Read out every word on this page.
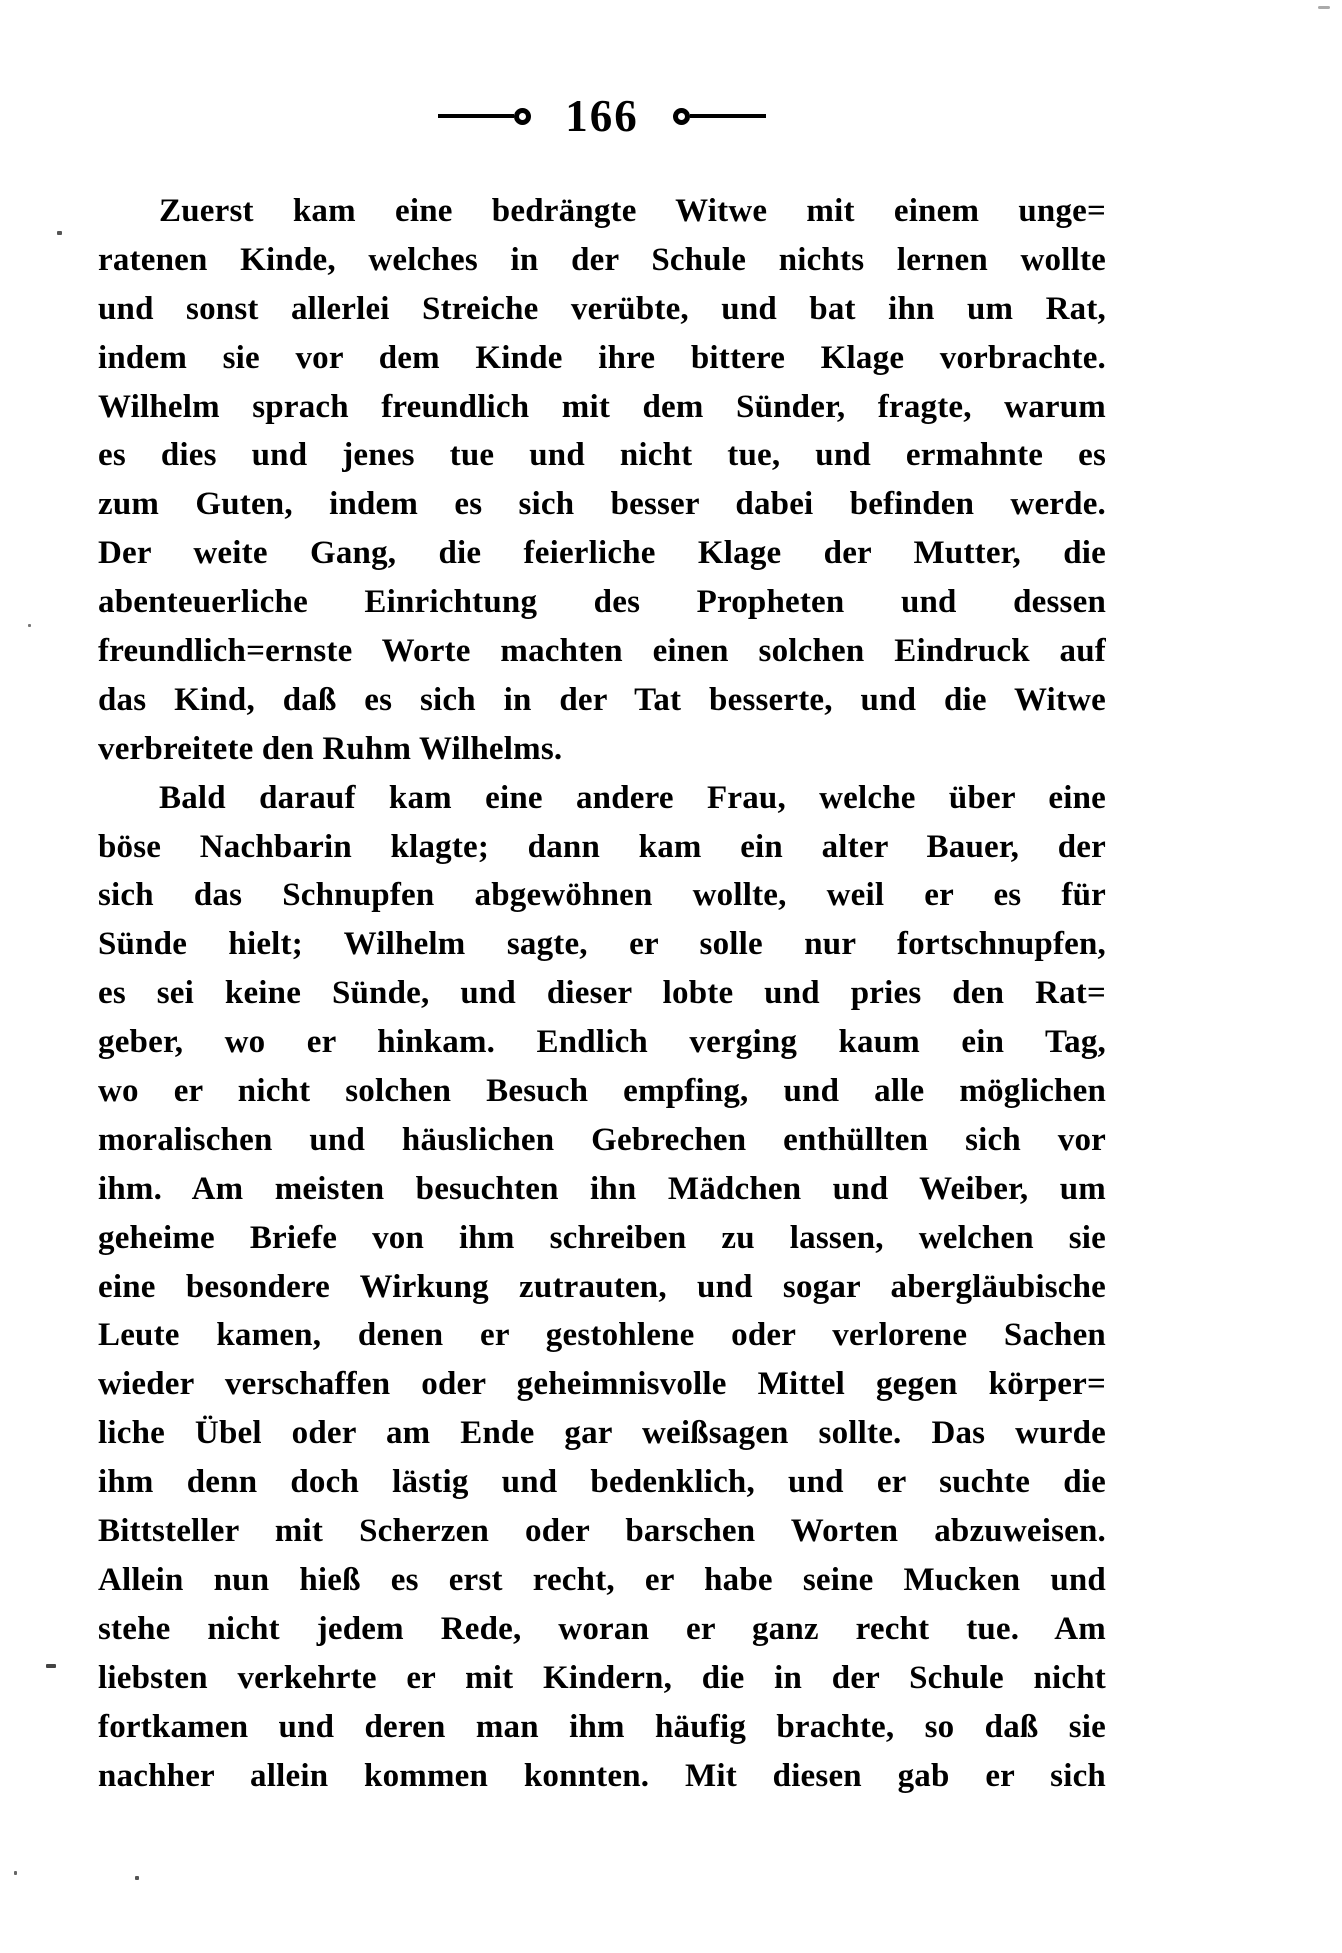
166
Zuerst kam eine bedrängte Witwe mit einem unge=
ratenen Kinde, welches in der Schule nichts lernen wollte
und sonst allerlei Streiche verübte, und bat ihn um Rat,
indem sie vor dem Kinde ihre bittere Klage vorbrachte.
Wilhelm sprach freundlich mit dem Sünder, fragte, warum
es dies und jenes tue und nicht tue, und ermahnte es
zum Guten, indem es sich besser dabei befinden werde.
Der weite Gang, die feierliche Klage der Mutter, die
abenteuerliche Einrichtung des Propheten und dessen
freundlich=ernste Worte machten einen solchen Eindruck auf
das Kind, daß es sich in der Tat besserte, und die Witwe
verbreitete den Ruhm Wilhelms.
Bald darauf kam eine andere Frau, welche über eine
böse Nachbarin klagte; dann kam ein alter Bauer, der
sich das Schnupfen abgewöhnen wollte, weil er es für
Sünde hielt; Wilhelm sagte, er solle nur fortschnupfen,
es sei keine Sünde, und dieser lobte und pries den Rat=
geber, wo er hinkam. Endlich verging kaum ein Tag,
wo er nicht solchen Besuch empfing, und alle möglichen
moralischen und häuslichen Gebrechen enthüllten sich vor
ihm. Am meisten besuchten ihn Mädchen und Weiber, um
geheime Briefe von ihm schreiben zu lassen, welchen sie
eine besondere Wirkung zutrauten, und sogar abergläubische
Leute kamen, denen er gestohlene oder verlorene Sachen
wieder verschaffen oder geheimnisvolle Mittel gegen körper=
liche Übel oder am Ende gar weißsagen sollte. Das wurde
ihm denn doch lästig und bedenklich, und er suchte die
Bittsteller mit Scherzen oder barschen Worten abzuweisen.
Allein nun hieß es erst recht, er habe seine Mucken und
stehe nicht jedem Rede, woran er ganz recht tue. Am
liebsten verkehrte er mit Kindern, die in der Schule nicht
fortkamen und deren man ihm häufig brachte, so daß sie
nachher allein kommen konnten. Mit diesen gab er sich
